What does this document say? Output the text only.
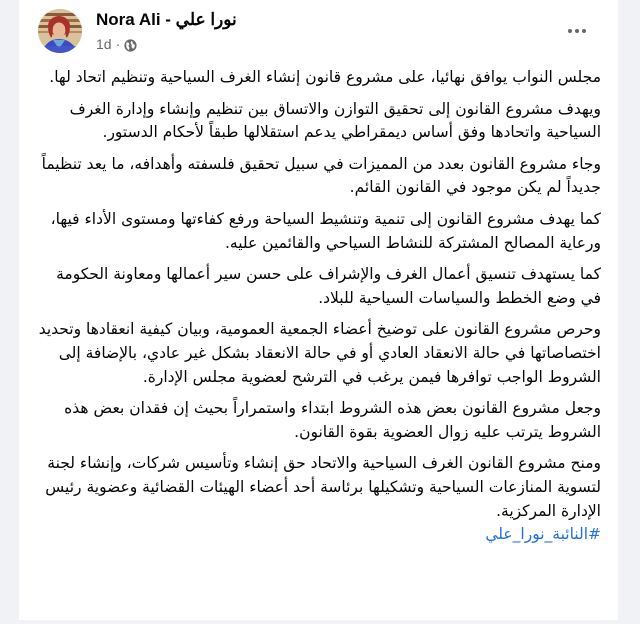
Nora Ali - نورا علي
1d ·

مجلس النواب يوافق نهائيا، على مشروع قانون إنشاء الغرف السياحية وتنظيم اتحاد لها.

ويهدف مشروع القانون إلى تحقيق التوازن والاتساق بين تنظيم وإنشاء وإدارة الغرف السياحية واتحادها وفق أساس ديمقراطي يدعم استقلالها طبقاً لأحكام الدستور.

وجاء مشروع القانون بعدد من المميزات في سبيل تحقيق فلسفته وأهدافه، ما يعد تنظيماً جديداً لم يكن موجود في القانون القائم.

كما يهدف مشروع القانون إلى تنمية وتنشيط السياحة ورفع كفاءتها ومستوى الأداء فيها، ورعاية المصالح المشتركة للنشاط السياحي والقائمين عليه.

كما يستهدف تنسيق أعمال الغرف والإشراف على حسن سير أعمالها ومعاونة الحكومة في وضع الخطط والسياسات السياحية للبلاد.

وحرص مشروع القانون على توضيخ أعضاء الجمعية العمومية، وبيان كيفية انعقادها وتحديد اختصاصاتها في حالة الانعقاد العادي أو في حالة الانعقاد بشكل غير عادي، بالإضافة إلى الشروط الواجب توافرها فيمن يرغب في الترشح لعضوية مجلس الإدارة.

وجعل مشروع القانون بعض هذه الشروط ابتداء واستمراراً بحيث إن فقدان بعض هذه الشروط يترتب عليه زوال العضوية بقوة القانون.

ومنح مشروع القانون الغرف السياحية والاتحاد حق إنشاء وتأسيس شركات، وإنشاء لجنة لتسوية المنازعات السياحية وتشكيلها برئاسة أحد أعضاء الهيئات القضائية وعضوية رئيس الإدارة المركزية.

#النائبة_نورا_علي
